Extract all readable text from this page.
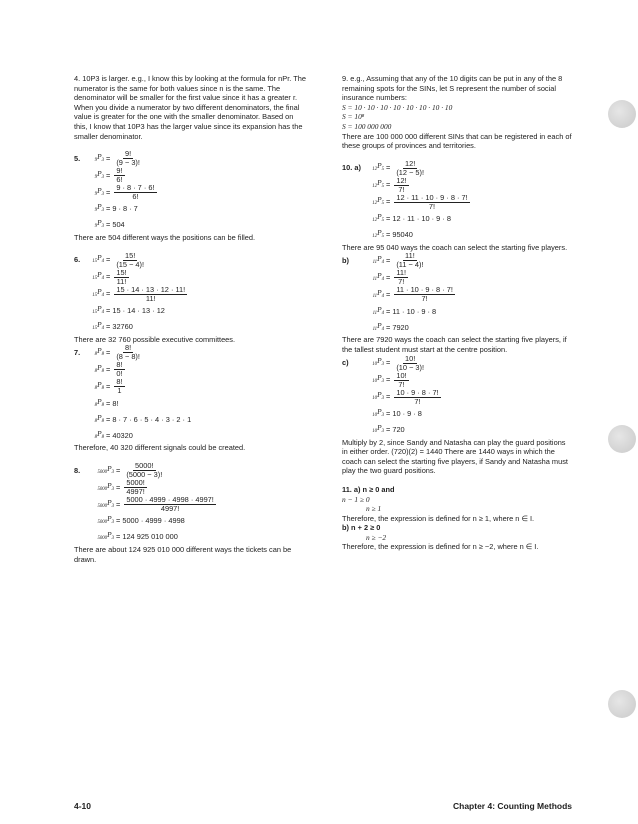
4. 10P3 is larger. e.g., I know this by looking at the formula for nPr. The numerator is the same for both values since n is the same. The denominator will be smaller for the first value since it has a greater r. When you divide a numerator by two different denominators, the final value is greater for the one with the smaller denominator. Based on this, I know that 10P3 has the larger value since its expansion has the smaller denominator.

5.	$_9P_3 = \frac{9!}{(9 - 3)!}$
$_9P_3 = \frac{9!}{6!}$
$_9P_3 = \frac{9 \cdot 8 \cdot 7 \cdot 6!}{6!}$
$_9P_3 = 9 \cdot 8 \cdot 7$
$_9P_3 = 504$

There are 504 different ways the positions can be filled.

6.	$_{15}P_4 = \frac{15!}{(15 - 4)!}$
$_{15}P_4 = \frac{15!}{11!}$
$_{15}P_4 = \frac{15 \cdot 14 \cdot 13 \cdot 12 \cdot 11!}{11!}$
$_{15}P_4 = 15 \cdot 14 \cdot 13 \cdot 12$
$_{15}P_4 = 32760$

There are 32 760 possible executive committees.

7.	$_8P_8 = \frac{8!}{(8 - 8)!}$
$_8P_8 = \frac{8!}{0!}$
$_8P_8 = \frac{8!}{1}$
$_8P_8 = 8$!
$_8P_8 = 8 \cdot 7 \cdot 6 \cdot 5 \cdot 4 \cdot 3 \cdot 2 \cdot 1$
$_8P_8 = 40320$

Therefore, 40 320 different signals could be created.

8.	$_{5000}P_3 = \frac{5000!}{(5000 - 3)!}$
$_{5000}P_3 = \frac{5000!}{4997!}$
$_{5000}P_3 = \frac{5000 \cdot 4999 \cdot 4998 \cdot 4997!}{4997!}$
$_{5000}P_3 = 5000 \cdot 4999 \cdot 4998$
$_{5000}P_3 = 124$ 925 010 000

There are about 124 925 010 000 different ways the tickets can be drawn.

9. e.g., Assuming that any of the 10 digits can be put in any of the 8 remaining spots for the SINs, let S represent the number of social insurance numbers:

S = 10 · 10 · 10 · 10 · 10 · 10 · 10 · 10

S = 10⁸

S = 100 000 000

There are 100 000 000 different SINs that can be registered in each of these groups of provinces and territories.

10. a)	$_{12}P_5 = \frac{12!}{(12 - 5)!}$
$_{12}P_5 = \frac{12!}{7!}$
$_{12}P_5 = \frac{12 \cdot 11 \cdot 10 \cdot 9 \cdot 8 \cdot 7!}{7!}$
$_{12}P_5 = 12 \cdot 11 \cdot 10 \cdot 9 \cdot 8$
$_{12}P_5 = 95040$

There are 95 040 ways the coach can select the starting five players.

b)	$_{11}P_4 = \frac{11!}{(11 - 4)!}$
$_{11}P_4 = \frac{11!}{7!}$
$_{11}P_4 = \frac{11 \cdot 10 \cdot 9 \cdot 8 \cdot 7!}{7!}$
$_{11}P_4 = 11 \cdot 10 \cdot 9 \cdot 8$
$_{11}P_4 = 7920$

There are 7920 ways the coach can select the starting five players, if the tallest student must start at the centre position.

c)	$_{10}P_3 = \frac{10!}{(10 - 3)!}$
$_{10}P_3 = \frac{10!}{7!}$
$_{10}P_3 = \frac{10 \cdot 9 \cdot 8 \cdot 7!}{7!}$
$_{10}P_3 = 10 \cdot 9 \cdot 8$
$_{10}P_3 = 720$

Multiply by 2, since Sandy and Natasha can play the guard positions in either order. (720)(2) = 1440 There are 1440 ways in which the coach can select the starting five players, if Sandy and Natasha must play the two guard positions.

11. a) n ≥ 0 and

n − 1 ≥ 0

n ≥ 1

Therefore, the expression is defined for n ≥ 1, where n ∈ I.

b) n + 2 ≥ 0

n ≥ −2

Therefore, the expression is defined for n ≥ −2, where n ∈ I.

4-10	Chapter 4: Counting Methods
